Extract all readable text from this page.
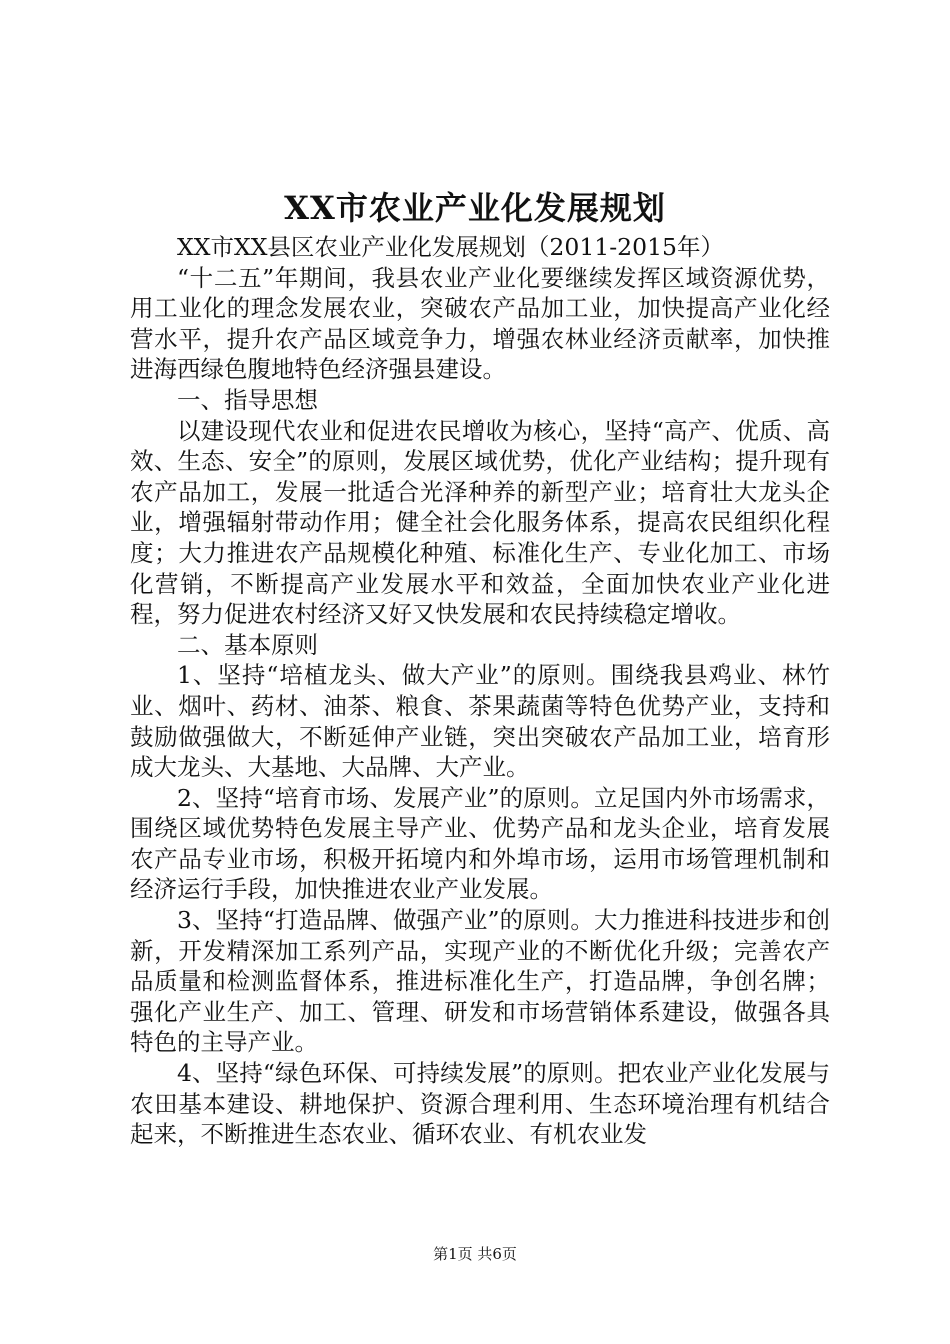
XX市农业产业化发展规划

XX市XX县区农业产业化发展规划（2011-2015年）

“十二五”年期间，我县农业产业化要继续发挥区域资源优势，用工业化的理念发展农业，突破农产品加工业，加快提高产业化经营水平，提升农产品区域竞争力，增强农林业经济贡献率，加快推进海西绿色腹地特色经济强县建设。

一、指导思想

以建设现代农业和促进农民增收为核心，坚持“高产、优质、高效、生态、安全”的原则，发展区域优势，优化产业结构；提升现有农产品加工，发展一批适合光泽种养的新型产业；培育壮大龙头企业，增强辐射带动作用；健全社会化服务体系，提高农民组织化程度；大力推进农产品规模化种殖、标准化生产、专业化加工、市场化营销，不断提高产业发展水平和效益，全面加快农业产业化进程，努力促进农村经济又好又快发展和农民持续稳定增收。

二、基本原则

1、坚持“培植龙头、做大产业”的原则。围绕我县鸡业、林竹业、烟叶、药材、油茶、粮食、茶果蔬菌等特色优势产业，支持和鼓励做强做大，不断延伸产业链，突出突破农产品加工业，培育形成大龙头、大基地、大品牌、大产业。

2、坚持“培育市场、发展产业”的原则。立足国内外市场需求，围绕区域优势特色发展主导产业、优势产品和龙头企业，培育发展农产品专业市场，积极开拓境内和外埠市场，运用市场管理机制和经济运行手段，加快推进农业产业发展。

3、坚持“打造品牌、做强产业”的原则。大力推进科技进步和创新，开发精深加工系列产品，实现产业的不断优化升级；完善农产品质量和检测监督体系，推进标准化生产，打造品牌，争创名牌；强化产业生产、加工、管理、研发和市场营销体系建设，做强各具特色的主导产业。

4、坚持“绿色环保、可持续发展”的原则。把农业产业化发展与农田基本建设、耕地保护、资源合理利用、生态环境治理有机结合起来，不断推进生态农业、循环农业、有机农业发

第1页 共6页
